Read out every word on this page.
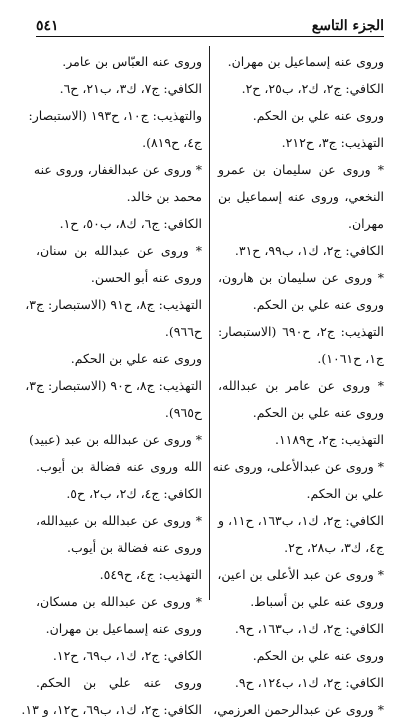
الجزء التاسع
٥٤١
وروى عنه إسماعيل بن مهران.
الكافي: ج٢، ك٢، ب٢٥، ح٢.
وروى عنه علي بن الحكم.
التهذيب: ج٣، ح٢١٢.
* وروى عن سليمان بن عمرو
النخعي، وروى عنه إسماعيل بن
مهران.
الكافي: ج٢، ك١، ب٩٩، ح٣١.
* وروى عن سليمان بن هارون،
وروى عنه علي بن الحكم.
التهذيب: ج٢، ح٦٩٠ (الاستبصار:
ج١، ح١٠٦١).
* وروى عن عامر بن عبدالله،
وروى عنه علي بن الحكم.
التهذيب: ج٢، ح١١٨٩.
* وروى عن عبدالأعلى، وروى عنه
علي بن الحكم.
الكافي: ج٢، ك١، ب١٦٣، ح١١، و
ج٤، ك٣، ب٢٨، ح٢.
* وروى عن عبد الأعلى بن اعين،
وروى عنه علي بن أسباط.
الكافي: ج٢، ك١، ب١٦٣، ح٩.
وروى عنه علي بن الحكم.
الكافي: ج٢، ك١، ب١٢٤، ح٩.
* وروى عن عبدالرحمن العرزمي،
وروى عنه العبّاس بن عامر.
الكافي: ج٧، ك٣، ب٢١، ح٦.
والتهذيب: ج١٠، ح١٩٣ (الاستبصار:
ج٤، ح٨١٩).
* وروى عن عبدالغفار، وروى عنه
محمد بن خالد.
الكافي: ج٦، ك٨، ب٥٠، ح١.
* وروى عن عبدالله بن سنان،
وروى عنه أبو الحسن.
التهذيب: ج٨، ح٩١ (الاستبصار: ج٣،
ح٩٦٦).
وروى عنه علي بن الحكم.
التهذيب: ج٨، ح٩٠ (الاستبصار: ج٣،
ح٩٦٥).
* وروى عن عبدالله بن عبد (عبيد)
الله وروى عنه فضالة بن أيوب.
الكافي: ج٤، ك٢، ب٢، ح٥.
* وروى عن عبدالله بن عبيدالله،
وروى عنه فضالة بن أيوب.
التهذيب: ج٤، ح٥٤٩.
* وروى عن عبدالله بن مسكان،
وروى عنه إسماعيل بن مهران.
الكافي: ج٢، ك١، ب٦٩، ح١٢.
وروى عنه علي بن الحكم.
الكافي: ج٢، ك١، ب٦٩، ح١٢، و ١٣.
